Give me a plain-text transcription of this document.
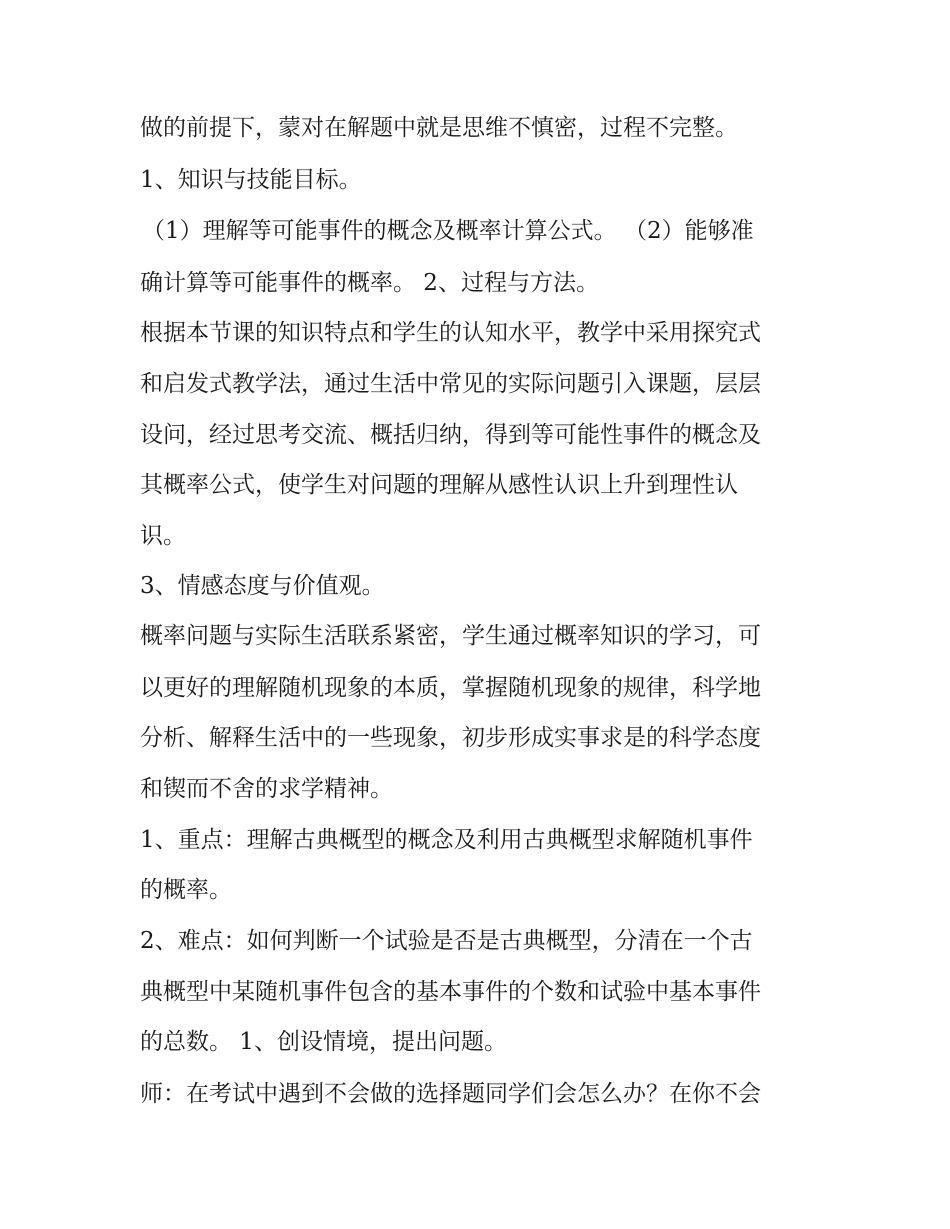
做的前提下，蒙对在解题中就是思维不慎密，过程不完整。
1、知识与技能目标。
（1）理解等可能事件的概念及概率计算公式。 （2）能够准
确计算等可能事件的概率。 2、过程与方法。
根据本节课的知识特点和学生的认知水平，教学中采用探究式
和启发式教学法，通过生活中常见的实际问题引入课题，层层
设问，经过思考交流、概括归纳，得到等可能性事件的概念及
其概率公式，使学生对问题的理解从感性认识上升到理性认
识。
3、情感态度与价值观。
概率问题与实际生活联系紧密，学生通过概率知识的学习，可
以更好的理解随机现象的本质，掌握随机现象的规律，科学地
分析、解释生活中的一些现象，初步形成实事求是的科学态度
和锲而不舍的求学精神。
1、重点：理解古典概型的概念及利用古典概型求解随机事件
的概率。
2、难点：如何判断一个试验是否是古典概型，分清在一个古
典概型中某随机事件包含的基本事件的个数和试验中基本事件
的总数。 1、创设情境，提出问题。
师：在考试中遇到不会做的选择题同学们会怎么办？在你不会
